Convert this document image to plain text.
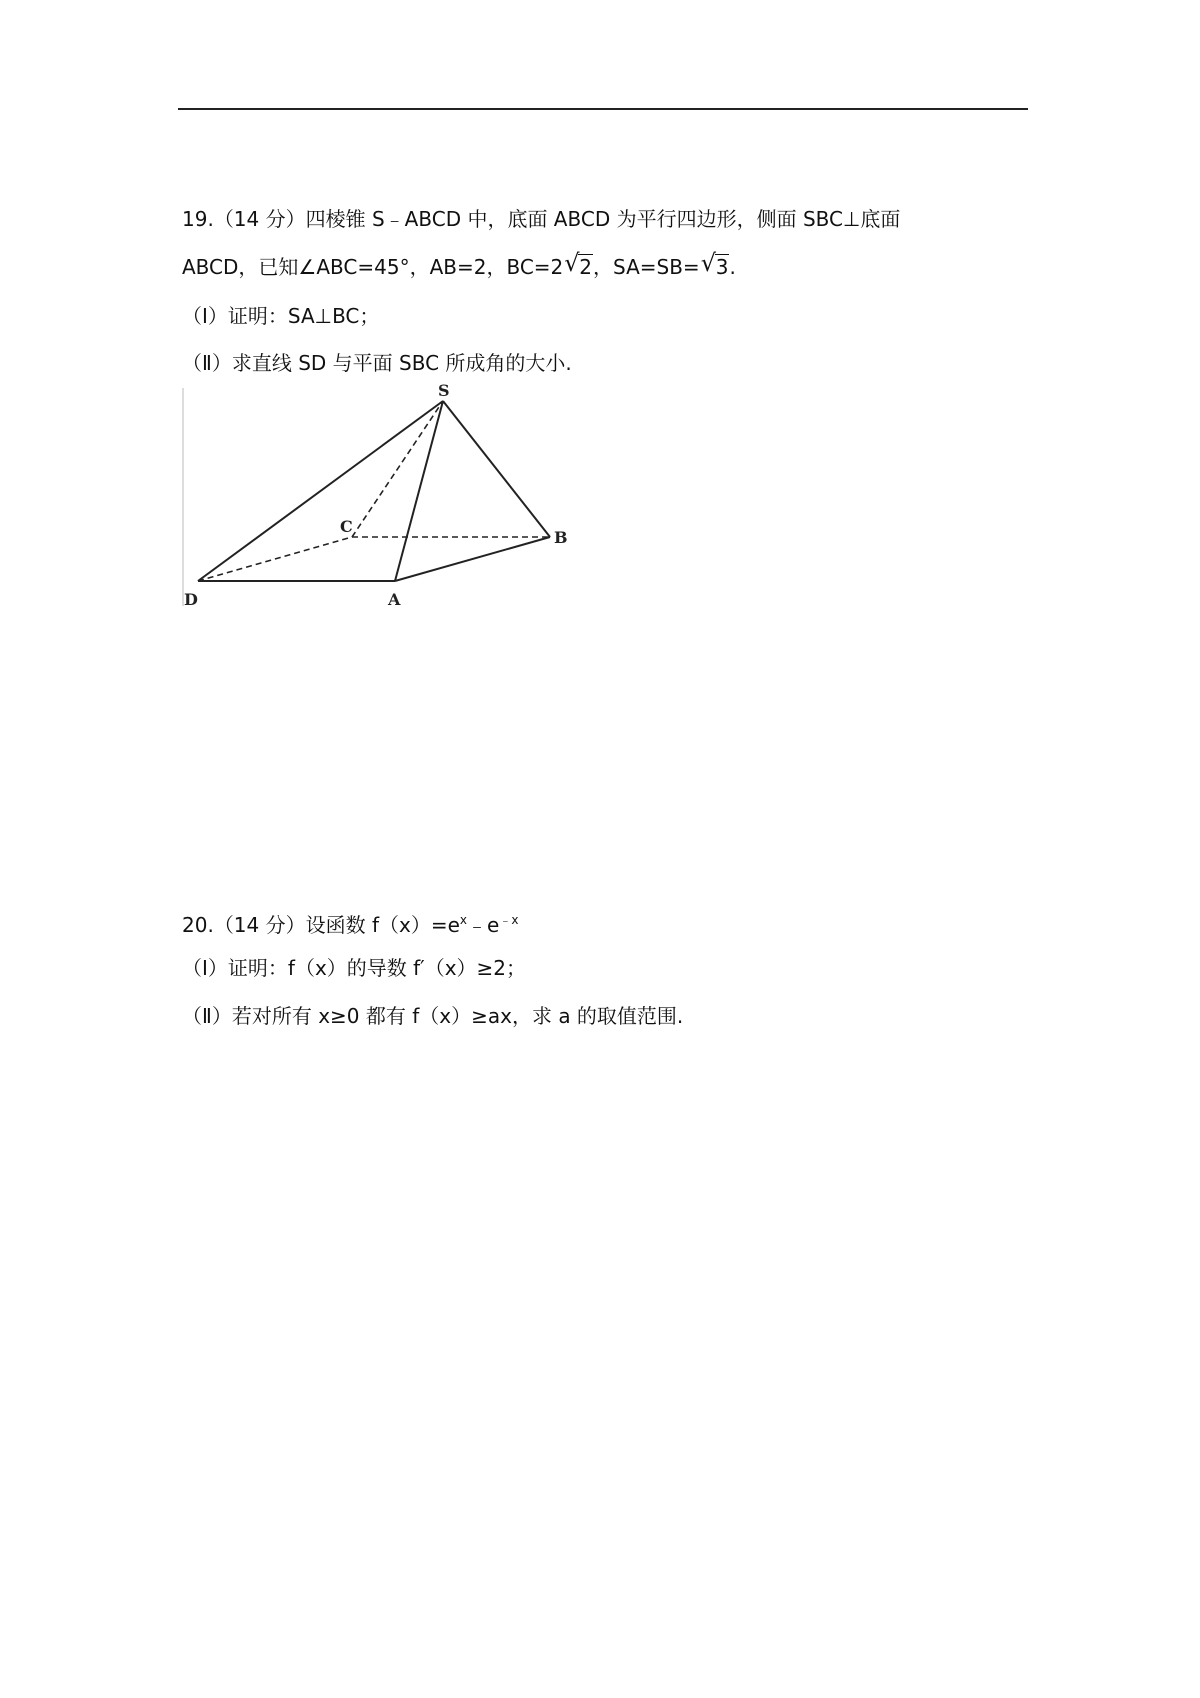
19.（14 分）四棱锥 S﹣ABCD 中，底面 ABCD 为平行四边形，侧面 SBC⊥底面
ABCD，已知∠ABC=45°，AB=2，BC=2 √ 2，SA=SB= √ 3.
（Ⅰ）证明：SA⊥BC；
（Ⅱ）求直线 SD 与平面 SBC 所成角的大小.
S
A
B
C
D
20.（14 分）设函数 $f(x)=e^x﹣e^{﹣x}$
（Ⅰ）证明：f（x）的导数 f′（x）≥2；
（Ⅱ）若对所有 x≥0 都有 f（x）≥ax，求 a 的取值范围.
